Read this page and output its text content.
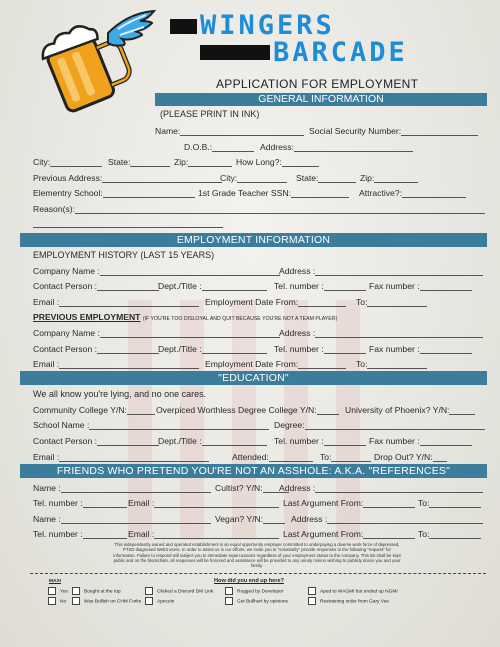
WINGERS
BARCADE
APPLICATION FOR EMPLOYMENT
GENERAL INFORMATION
(PLEASE PRINT IN INK)
Name:	Social Security Number:
D.O.B.:	Address:
City:	State:	Zip:	How Long?:
Previous Address:	City:	State:	Zip:
Elementry School:	1st Grade Teacher SSN:	Attractive?:
Reason(s):
EMPLOYMENT INFORMATION
EMPLOYMENT HISTORY (LAST 15 YEARS)
Company Name :	Address :
Contact Person :	Dept./Title :	Tel. number :	Fax number :
Email :	Employment Date From:	To:
PREVIOUS EMPLOYMENT (IF YOU'RE TOO DISLOYAL AND QUIT BECAUSE YOU'RE NOT A TEAM PLAYER)
Company Name :	Address :
Contact Person :	Dept./Title :	Tel. number :	Fax number :
Email :	Employment Date From:	To:
"EDUCATION"
We all know you're lying, and no one cares.
Community College Y/N:	Overpiced Worthless Degree College Y/N:	University of Phoenix? Y/N:
School Name :	Degree:
Contact Person :	Dept./Title :	Tel. number :	Fax number :
Email :	Attended:	To:	Drop Out? Y/N:
FRIENDS WHO PRETEND YOU'RE NOT AN ASSHOLE: A.K.A. "REFERENCES"
Name :	Cultist? Y/N:	Address :
Tel. number :	Email :	Last Argument From:	To:
Name :	Vegan? Y/N:	Address :
Tel. number :	Email :	Last Argument From:	To:
This independently owned and operated establishment is an equal opportunity employer committed to underpaying a diverse work force of depressed, PTSD diagnosed Web3 users. In order to assist us in our efforts, we invite you to "voluntarily" provide responses to the following "request" for information. Failure to respond will subject you to immediate repercussions regardless of your employment status to the company. This list shall be kept public and on the blockchain, all responses will be honored and assistance will be provided to any unruly minion wishing to publicly doxxx you and your family.
MAXI
Yes
No
How did you end up here?
Bought at the top
Was Bullish on CHM Forks
Clicked a Discord DM Link
Apecoin
Rugged by Developer
Got Bullhurt by opinions
Aped to WAGMI but ended up NGMI
Restraining order from Gary Vee
